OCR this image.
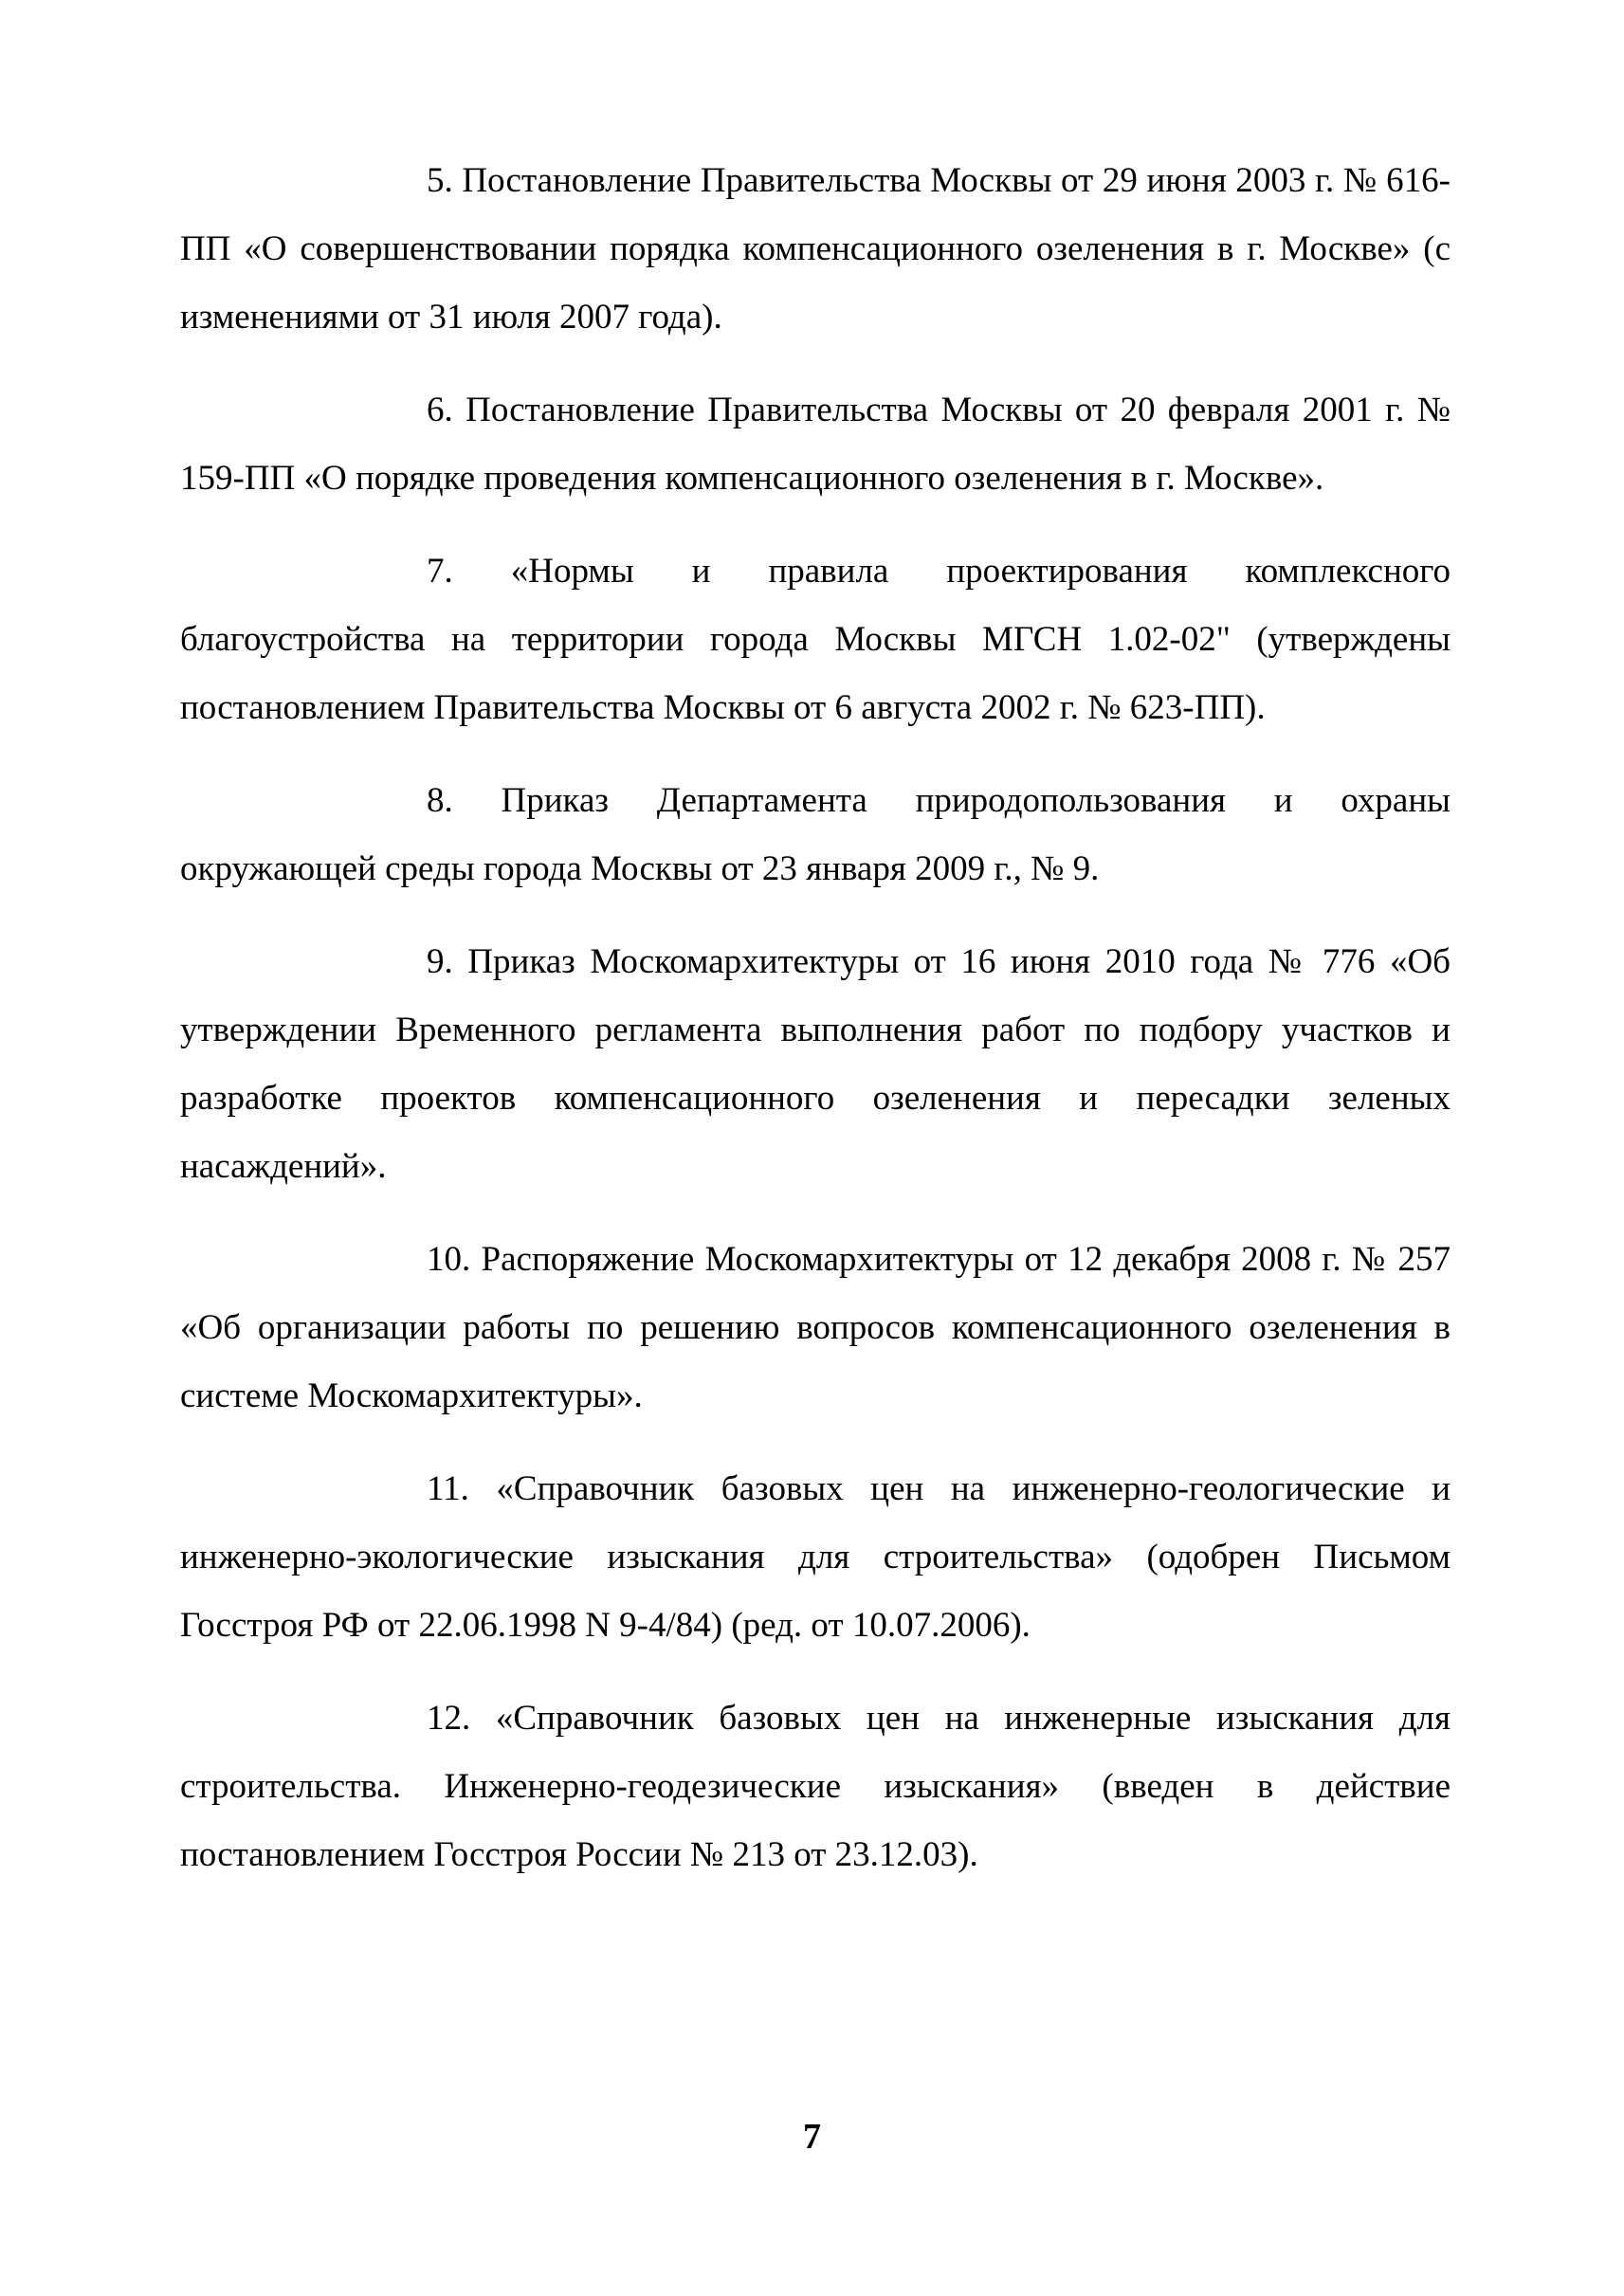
5. Постановление Правительства Москвы от 29 июня 2003 г. № 616-ПП «О совершенствовании порядка компенсационного озеленения в г. Москве» (с изменениями от 31 июля 2007 года).

6. Постановление Правительства Москвы от 20 февраля 2001 г. № 159-ПП «О порядке проведения компенсационного озеленения в г. Москве».

7. «Нормы и правила проектирования комплексного благоустройства на территории города Москвы МГСН 1.02-02" (утверждены постановлением Правительства Москвы от 6 августа 2002 г. № 623-ПП).

8. Приказ Департамента природопользования и охраны окружающей среды города Москвы от 23 января 2009 г., № 9.

9. Приказ Москомархитектуры от 16 июня 2010 года № 776 «Об утверждении Временного регламента выполнения работ по подбору участков и разработке проектов компенсационного озеленения и пересадки зеленых насаждений».

10. Распоряжение Москомархитектуры от 12 декабря 2008 г. № 257 «Об организации работы по решению вопросов компенсационного озеленения в системе Москомархитектуры».

11. «Справочник базовых цен на инженерно-геологические и инженерно-экологические изыскания для строительства» (одобрен Письмом Госстроя РФ от 22.06.1998 N 9-4/84) (ред. от 10.07.2006).

12. «Справочник базовых цен на инженерные изыскания для строительства. Инженерно-геодезические изыскания» (введен в действие постановлением Госстроя России № 213 от 23.12.03).

7
